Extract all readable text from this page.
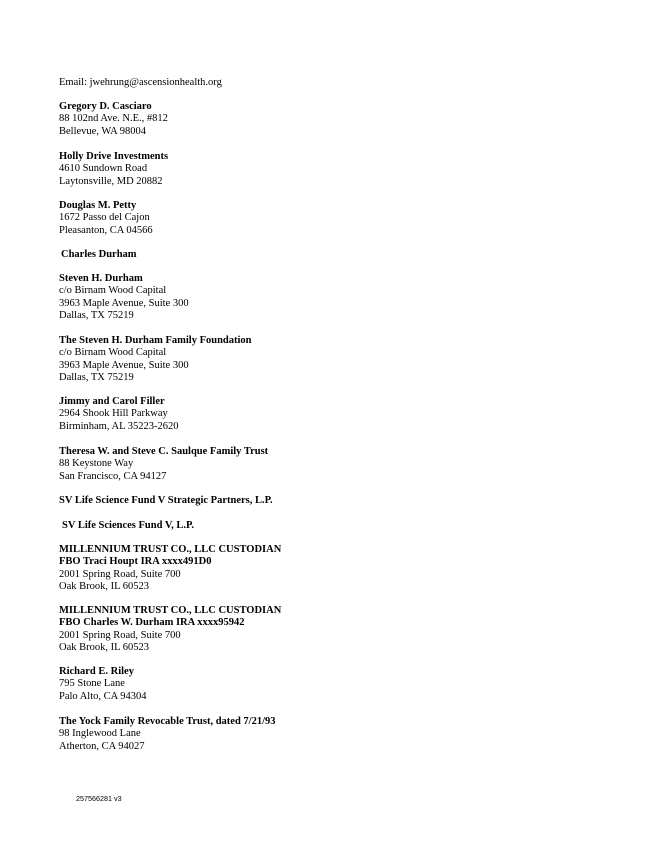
Email: jwehrung@ascensionhealth.org
Gregory D. Casciaro
88 102nd Ave. N.E., #812
Bellevue, WA 98004
Holly Drive Investments
4610 Sundown Road
Laytonsville, MD 20882
Douglas M. Petty
1672 Passo del Cajon
Pleasanton, CA 04566
Charles Durham
Steven H. Durham
c/o Birnam Wood Capital
3963 Maple Avenue, Suite 300
Dallas, TX 75219
The Steven H. Durham Family Foundation
c/o Birnam Wood Capital
3963 Maple Avenue, Suite 300
Dallas, TX 75219
Jimmy and Carol Filler
2964 Shook Hill Parkway
Birminham, AL 35223-2620
Theresa W. and Steve C. Saulque Family Trust
88 Keystone Way
San Francisco, CA 94127
SV Life Science Fund V Strategic Partners, L.P.
SV Life Sciences Fund V, L.P.
MILLENNIUM TRUST CO., LLC CUSTODIAN
FBO Traci Houpt IRA xxxx491D0
2001 Spring Road, Suite 700
Oak Brook, IL 60523
MILLENNIUM TRUST CO., LLC CUSTODIAN
FBO Charles W. Durham IRA xxxx95942
2001 Spring Road, Suite 700
Oak Brook, IL 60523
Richard E. Riley
795 Stone Lane
Palo Alto, CA 94304
The Yock Family Revocable Trust, dated 7/21/93
98 Inglewood Lane
Atherton, CA 94027
257566281 v3
